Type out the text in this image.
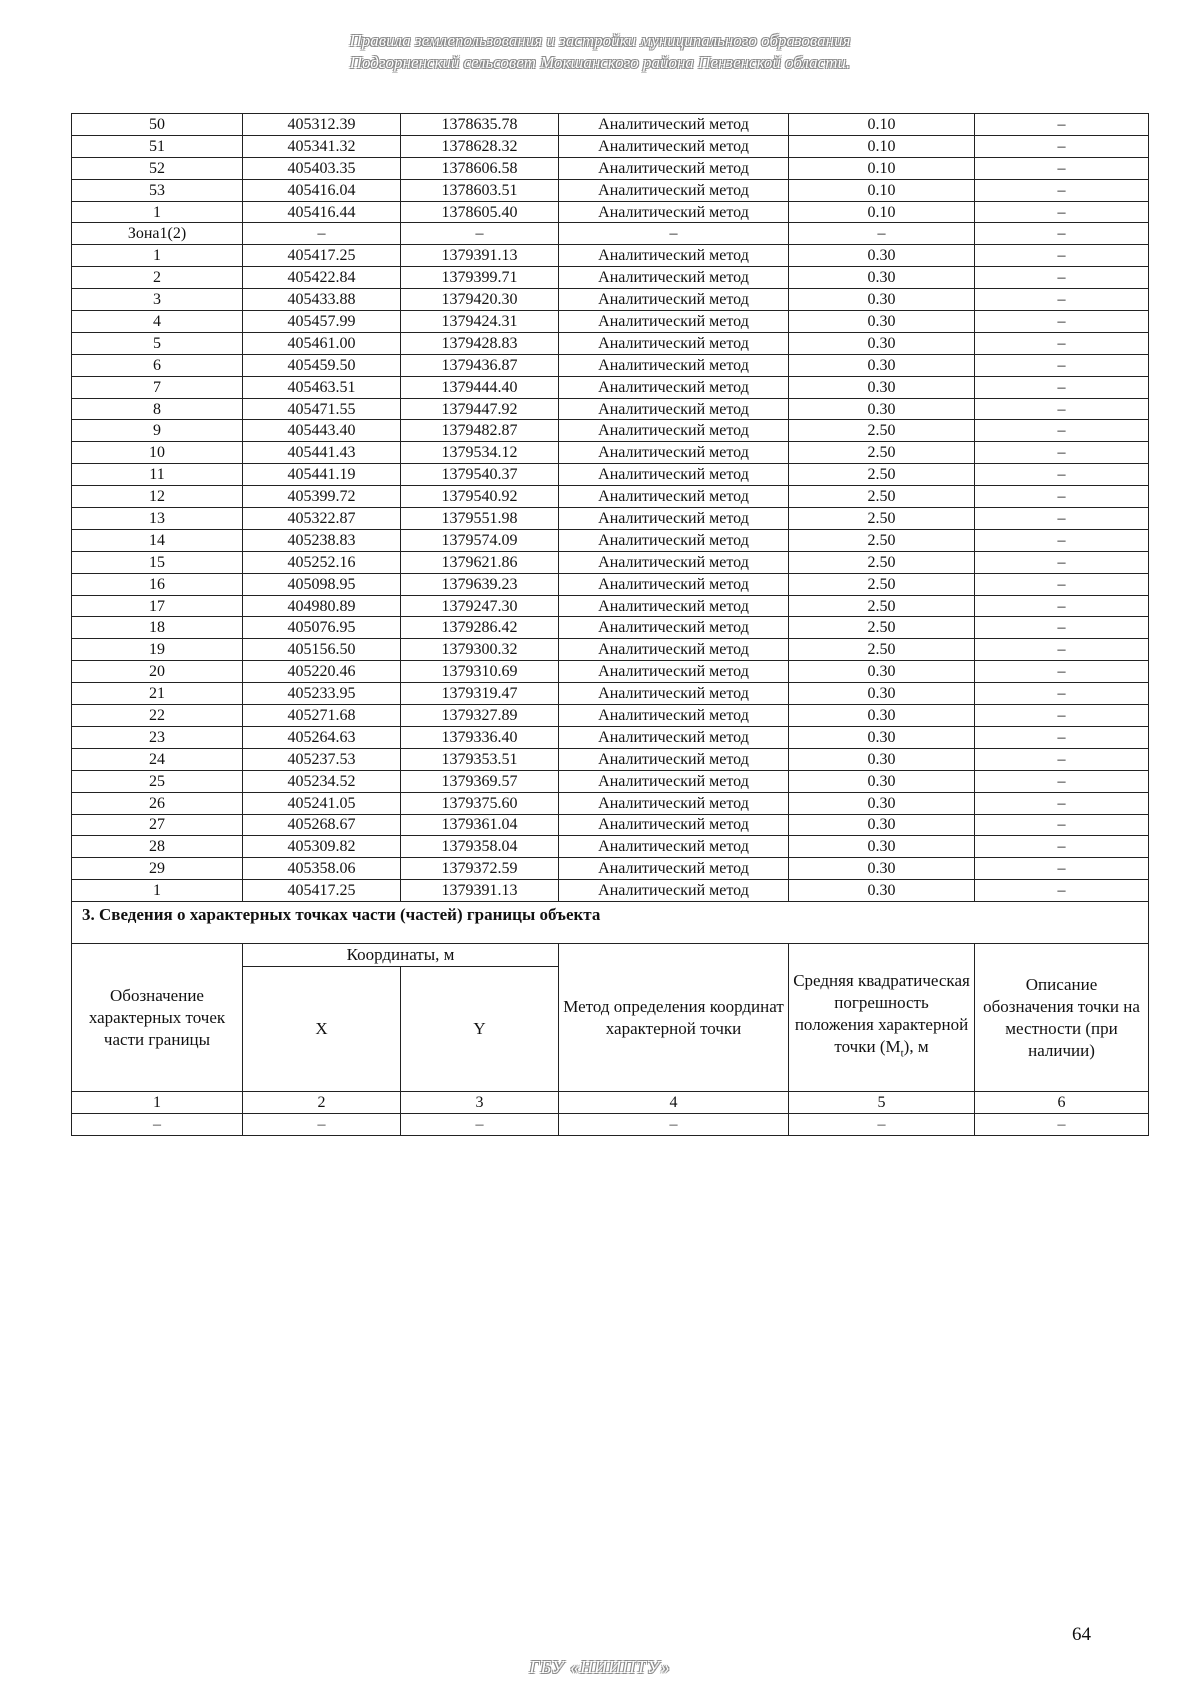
Правила землепользования и застройки муниципального образования
Подгорненский сельсовет Мокшанского района Пензенской области.
50	405312.39	1378635.78	Аналитический метод	0.10	–
51	405341.32	1378628.32	Аналитический метод	0.10	–
52	405403.35	1378606.58	Аналитический метод	0.10	–
53	405416.04	1378603.51	Аналитический метод	0.10	–
1	405416.44	1378605.40	Аналитический метод	0.10	–
Зона1(2)	–	–	–	–	–
1	405417.25	1379391.13	Аналитический метод	0.30	–
2	405422.84	1379399.71	Аналитический метод	0.30	–
3	405433.88	1379420.30	Аналитический метод	0.30	–
4	405457.99	1379424.31	Аналитический метод	0.30	–
5	405461.00	1379428.83	Аналитический метод	0.30	–
6	405459.50	1379436.87	Аналитический метод	0.30	–
7	405463.51	1379444.40	Аналитический метод	0.30	–
8	405471.55	1379447.92	Аналитический метод	0.30	–
9	405443.40	1379482.87	Аналитический метод	2.50	–
10	405441.43	1379534.12	Аналитический метод	2.50	–
11	405441.19	1379540.37	Аналитический метод	2.50	–
12	405399.72	1379540.92	Аналитический метод	2.50	–
13	405322.87	1379551.98	Аналитический метод	2.50	–
14	405238.83	1379574.09	Аналитический метод	2.50	–
15	405252.16	1379621.86	Аналитический метод	2.50	–
16	405098.95	1379639.23	Аналитический метод	2.50	–
17	404980.89	1379247.30	Аналитический метод	2.50	–
18	405076.95	1379286.42	Аналитический метод	2.50	–
19	405156.50	1379300.32	Аналитический метод	2.50	–
20	405220.46	1379310.69	Аналитический метод	0.30	–
21	405233.95	1379319.47	Аналитический метод	0.30	–
22	405271.68	1379327.89	Аналитический метод	0.30	–
23	405264.63	1379336.40	Аналитический метод	0.30	–
24	405237.53	1379353.51	Аналитический метод	0.30	–
25	405234.52	1379369.57	Аналитический метод	0.30	–
26	405241.05	1379375.60	Аналитический метод	0.30	–
27	405268.67	1379361.04	Аналитический метод	0.30	–
28	405309.82	1379358.04	Аналитический метод	0.30	–
29	405358.06	1379372.59	Аналитический метод	0.30	–
1	405417.25	1379391.13	Аналитический метод	0.30	–
3. Сведения о характерных точках части (частей) границы объекта					
Обозначение характерных точек части границы	Координаты, м		Метод определения координат характерной точки	Средняя квадратическая погрешность положения характерной точки $(M_t)$, м	Описание обозначения точки на местности (при наличии)
	X	Y			
1	2	3	4	5	6
–	–	–	–	–	–
64
ГБУ «НИИПТУ»
